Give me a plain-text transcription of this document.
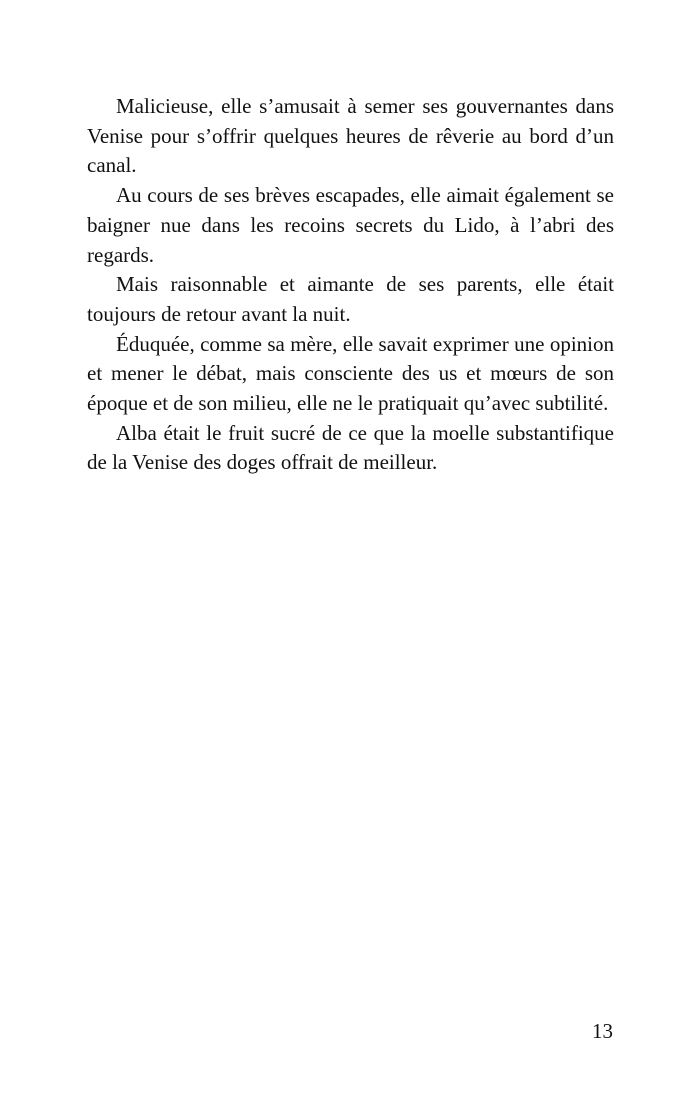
Malicieuse, elle s’amusait à semer ses gouvernantes dans Venise pour s’offrir quelques heures de rêverie au bord d’un canal.

Au cours de ses brèves escapades, elle aimait également se baigner nue dans les recoins secrets du Lido, à l’abri des regards.

Mais raisonnable et aimante de ses parents, elle était toujours de retour avant la nuit.

Éduquée, comme sa mère, elle savait exprimer une opinion et mener le débat, mais consciente des us et mœurs de son époque et de son milieu, elle ne le pratiquait qu’avec subtilité.

Alba était le fruit sucré de ce que la moelle substantifique de la Venise des doges offrait de meilleur.

13
